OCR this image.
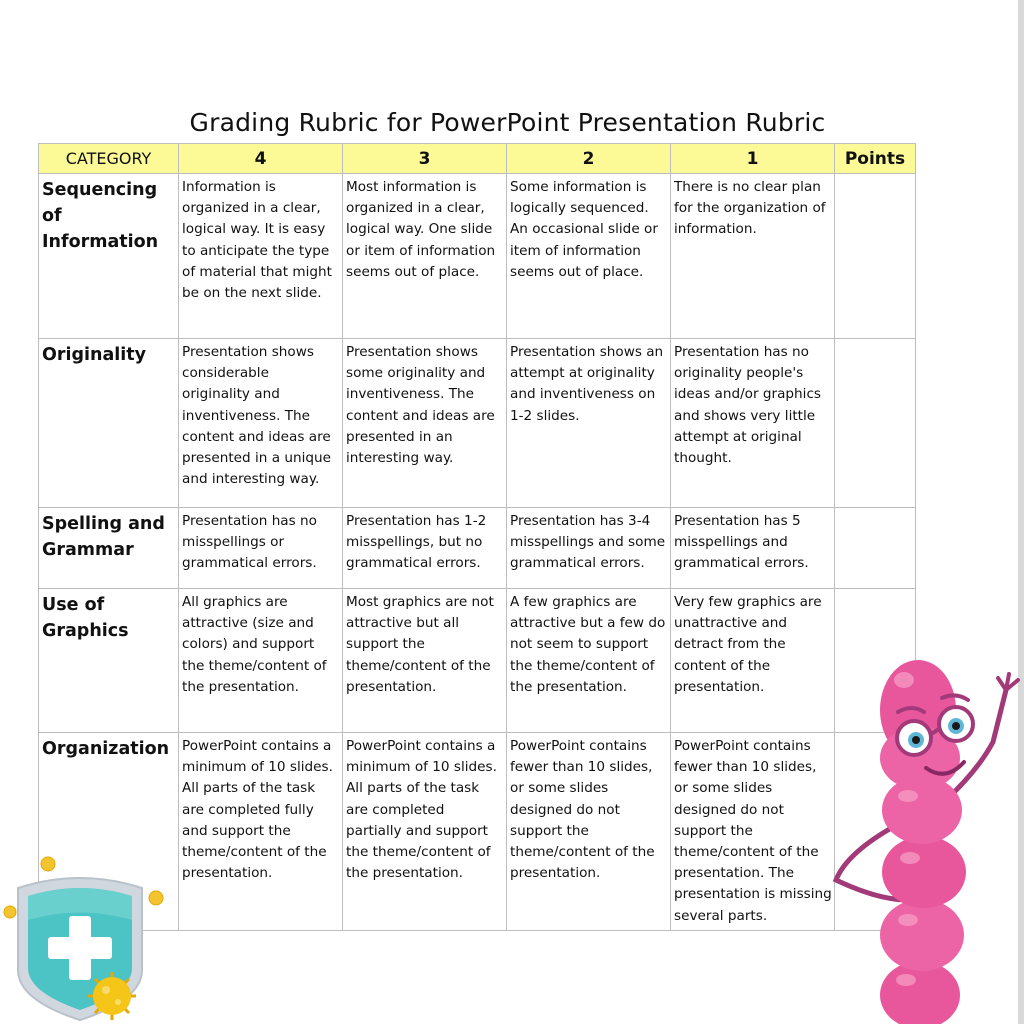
Grading Rubric for PowerPoint Presentation Rubric
CATEGORY	4	3	2	1	Points
Sequencing of Information	Information is organized in a clear, logical way. It is easy to anticipate the type of material that might be on the next slide.	Most information is organized in a clear, logical way. One slide or item of information seems out of place.	Some information is logically sequenced. An occasional slide or item of information seems out of place.	There is no clear plan for the organization of information.	
Originality	Presentation shows considerable originality and inventiveness. The content and ideas are presented in a unique and interesting way.	Presentation shows some originality and inventiveness. The content and ideas are presented in an interesting way.	Presentation shows an attempt at originality and inventiveness on 1-2 slides.	Presentation has no originality people's ideas and/or graphics and shows very little attempt at original thought.	
Spelling and Grammar	Presentation has no misspellings or grammatical errors.	Presentation has 1-2 misspellings, but no grammatical errors.	Presentation has 3-4 misspellings and some grammatical errors.	Presentation has 5 misspellings and grammatical errors.	
Use of Graphics	All graphics are attractive (size and colors) and support the theme/content of the presentation.	Most graphics are not attractive but all support the theme/content of the presentation.	A few graphics are attractive but a few do not seem to support the theme/content of the presentation.	Very few graphics are unattractive and detract from the content of the presentation.	
Organization	PowerPoint contains a minimum of 10 slides. All parts of the task are completed fully and support the theme/content of the presentation.	PowerPoint contains a minimum of 10 slides. All parts of the task are completed partially and support the theme/content of the presentation.	PowerPoint contains fewer than 10 slides, or some slides designed do not support the theme/content of the presentation.	PowerPoint contains fewer than 10 slides, or some slides designed do not support the theme/content of the presentation. The presentation is missing several parts.	
